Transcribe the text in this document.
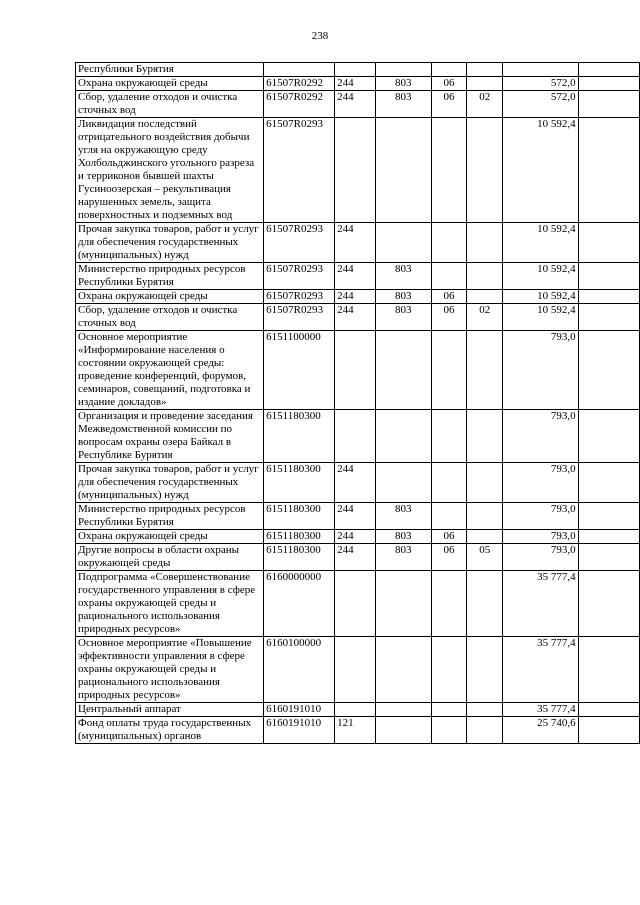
238
Республики Бурятия							
Охрана окружающей среды	61507R0292	244	803	06		572,0	
Сбор, удаление отходов и очистка сточных вод	61507R0292	244	803	06	02	572,0	
Ликвидация последствий отрицательного воздействия добычи угля на окружающую среду Холбольджинского угольного разреза и терриконов бывшей шахты Гусиноозерская – рекультивация нарушенных земель, защита поверхностных и подземных вод	61507R0293					10 592,4	
Прочая закупка товаров, работ и услуг для обеспечения государственных (муниципальных) нужд	61507R0293	244				10 592,4	
Министерство природных ресурсов Республики Бурятия	61507R0293	244	803			10 592,4	
Охрана окружающей среды	61507R0293	244	803	06		10 592,4	
Сбор, удаление отходов и очистка сточных вод	61507R0293	244	803	06	02	10 592,4	
Основное мероприятие «Информирование населения о состоянии окружающей среды: проведение конференций, форумов, семинаров, совещаний, подготовка и издание докладов»	6151100000					793,0	
Организация и проведение заседания Межведомственной комиссии по вопросам охраны озера Байкал в Республике Бурятия	6151180300					793,0	
Прочая закупка товаров, работ и услуг для обеспечения государственных (муниципальных) нужд	6151180300	244				793,0	
Министерство природных ресурсов Республики Бурятия	6151180300	244	803			793,0	
Охрана окружающей среды	6151180300	244	803	06		793,0	
Другие вопросы в области охраны окружающей среды	6151180300	244	803	06	05	793,0	
Подпрограмма «Совершенствование государственного управления в сфере охраны окружающей среды и рационального использования природных ресурсов»	6160000000					35 777,4	
Основное мероприятие «Повышение эффективности управления в сфере охраны окружающей среды и рационального использования природных ресурсов»	6160100000					35 777,4	
Центральный аппарат	6160191010					35 777,4	
Фонд оплаты труда государственных (муниципальных) органов	6160191010	121				25 740,6	
